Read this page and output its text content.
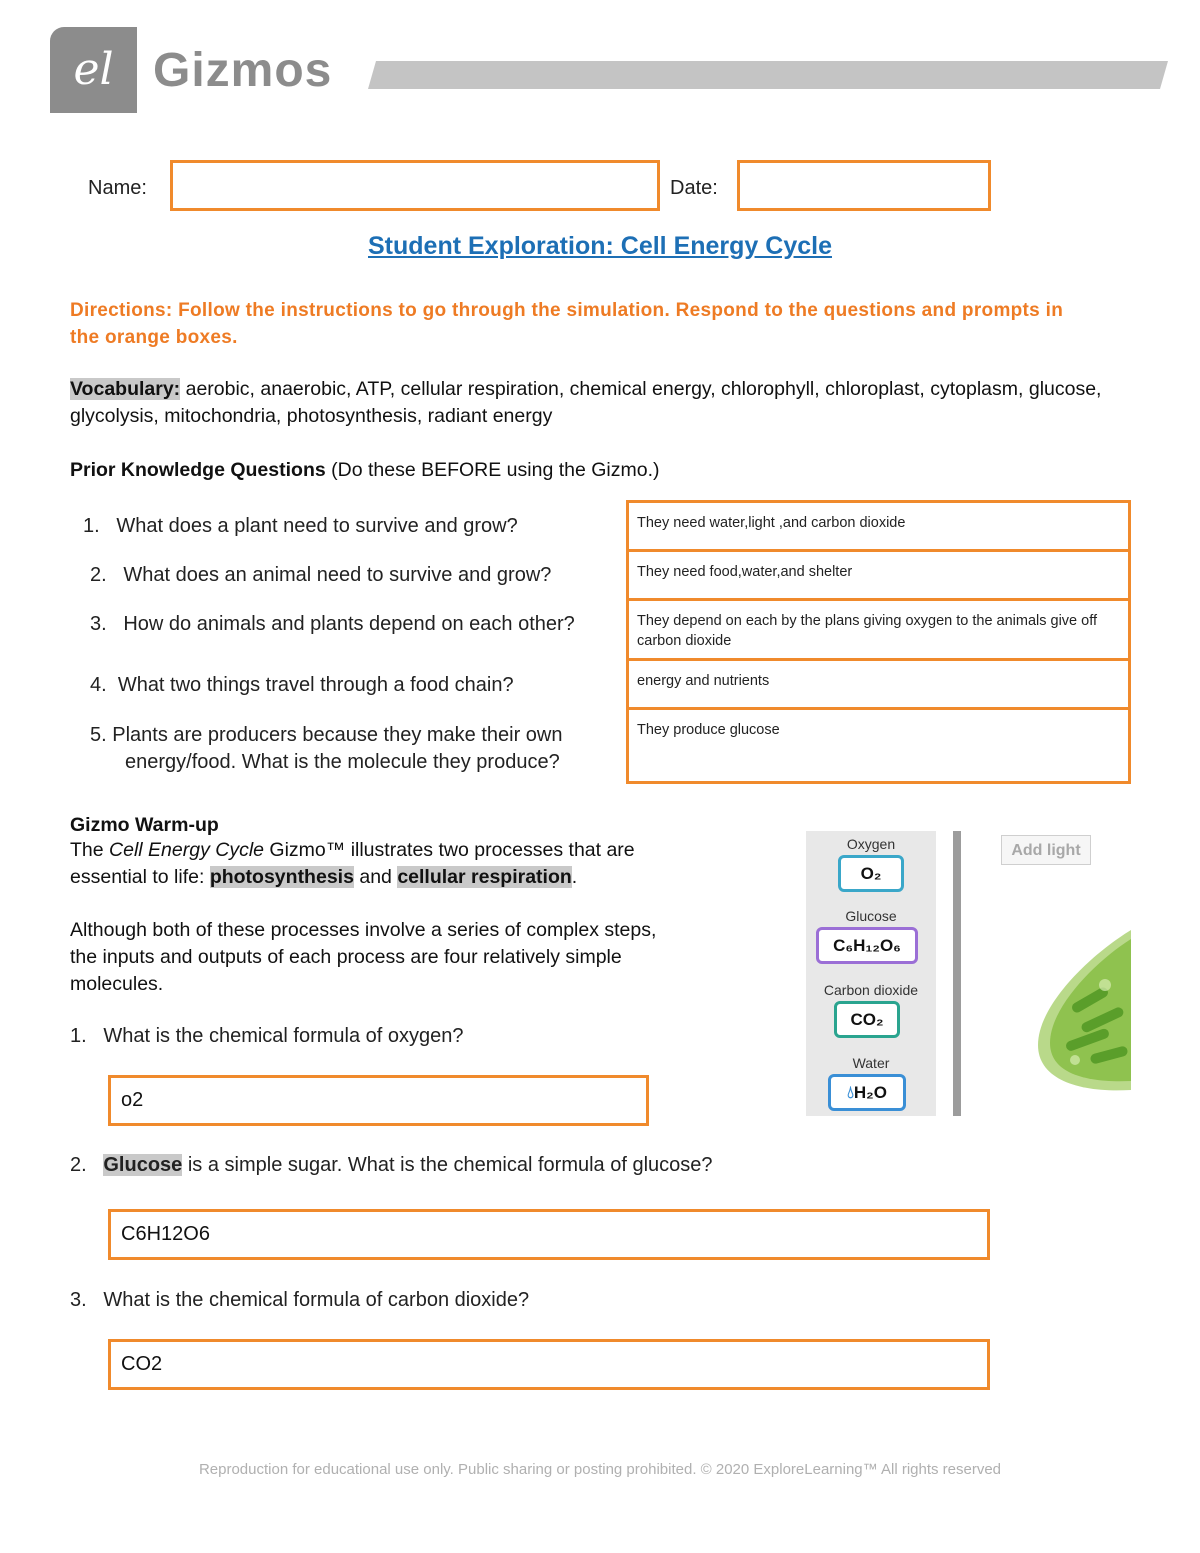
el Gizmos
Name:	Date:
Student Exploration: Cell Energy Cycle
Directions: Follow the instructions to go through the simulation. Respond to the questions and prompts in the orange boxes.
Vocabulary: aerobic, anaerobic, ATP, cellular respiration, chemical energy, chlorophyll, chloroplast, cytoplasm, glucose, glycolysis, mitochondria, photosynthesis, radiant energy
Prior Knowledge Questions (Do these BEFORE using the Gizmo.)
1. What does a plant need to survive and grow?
2. What does an animal need to survive and grow?
3. How do animals and plants depend on each other?
4. What two things travel through a food chain?
5. Plants are producers because they make their own
energy/food. What is the molecule they produce?
They need water,light ,and carbon dioxide
They need food,water,and shelter
They depend on each by the plans giving oxygen to the animals give off carbon dioxide
energy and nutrients
They produce glucose
Gizmo Warm-up
The Cell Energy Cycle Gizmo™ illustrates two processes that are
essential to life: photosynthesis and cellular respiration.
Although both of these processes involve a series of complex steps,
the inputs and outputs of each process are four relatively simple
molecules.
1. What is the chemical formula of oxygen?
o2
2. Glucose is a simple sugar. What is the chemical formula of glucose?
C6H12O6
3. What is the chemical formula of carbon dioxide?
CO2
Oxygen
O₂
Glucose
C₆H₁₂O₆
Carbon dioxide
CO₂
Water
💧︎H₂O
Add light
Reproduction for educational use only. Public sharing or posting prohibited. © 2020 ExploreLearning™ All rights reserved
